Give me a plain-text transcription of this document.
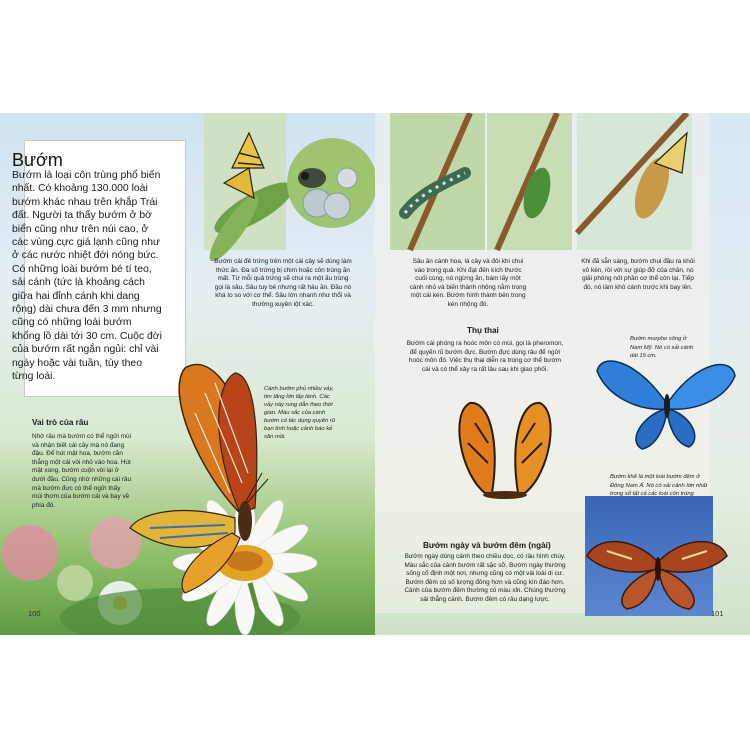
Bướm
Bướm là loại côn trùng phổ biến nhất. Có khoảng 130.000 loài bướm khác nhau trên khắp Trái đất. Người ta thấy bướm ở bờ biển cũng như trên núi cao, ở các vùng cực giá lạnh cũng như ở các nước nhiệt đới nóng bức. Có những loài bướm bé tí teo, sải cánh (tức là khoảng cách giữa hai đỉnh cánh khi dang rộng) dài chưa đến 3 mm nhưng cũng có những loài bướm khổng lồ dài tới 30 cm. Cuộc đời của bướm rất ngắn ngủi: chỉ vài ngày hoặc vài tuần, tùy theo từng loài.
Vai trò của râu
Nhờ râu mà bướm có thể ngửi mùi và nhận biết cái cây mà nó đang đậu. Để hút mật hoa, bướm cần thẳng một cái vòi nhỏ vào hoa. Hút mật xong, bướm cuộn vòi lại ở dưới đầu. Cũng nhờ những cái râu mà bướm đực có thể ngửi thấy mùi thơm của bướm cái và bay về phía đó.
Cánh bướm phủ nhiều vảy, tim tăng lớn lấp lánh. Các vảy này rung dẫn theo thời gian. Màu sắc của cánh bướm có tác dụng quyến rũ bạn tình hoặc cảnh báo kẻ săn mồi.
Bướm cái đẻ trứng trên một cái cây sẽ dùng làm thức ăn. Đa số trứng bị chim hoặc côn trùng ăn mất. Từ mỗi quả trứng sẽ chui ra một ấu trùng gọi là sâu. Sâu tuy bé nhưng rất háu ăn. Đầu nó khá to so với cơ thể. Sâu lớn nhanh như thổi và thường xuyên lột xác.
100
Sâu ăn cành hoa, lá cây và đôi khi chui vào trong quả. Khi đạt đến kích thước cuối cùng, nó ngừng ăn, bám lấy một cành nhỏ và biến thành nhộng nằm trong một cái kén. Bướm hình thành bên trong kén nhộng đó.
Khi đã sẵn sàng, bướm chui đầu ra khỏi vỏ kén, rồi với sự giúp đỡ của chân, nó giải phóng nốt phần cơ thể còn lại. Tiếp đó, nó làm khô cánh trước khi bay lên.
Thụ thai
Bướm cái phóng ra hoóc môn có mùi, gọi là pheromon, để quyến rũ bướm đực. Bướm đực dùng râu để ngửi hoóc môn đó. Việc thụ thai diễn ra trong cơ thể bướm cái và có thể xảy ra rất lâu sau khi giao phối.
Bướm morpho sống ở Nam Mỹ. Nó có sải cánh dài 15 cm.
Bướm khế là một loài bướm đêm ở Đông Nam Á. Nó có sải cánh lớn nhất trong số tất cả các loài côn trùng
Bướm ngày và bướm đêm (ngài)
Bướm ngày dùng cánh theo chiều dọc, có râu hình chùy. Màu sắc của cánh bướm rất sặc sỡ. Bướm ngày thường sống cố định một nơi, nhưng cũng có một vài loài di cư. Bướm đêm có số lượng đông hơn và cũng kín đáo hơn. Cánh của bướm đêm thường có màu xỉn. Chúng thường sải thẳng cánh. Bướm đêm có râu dạng lược.
101
